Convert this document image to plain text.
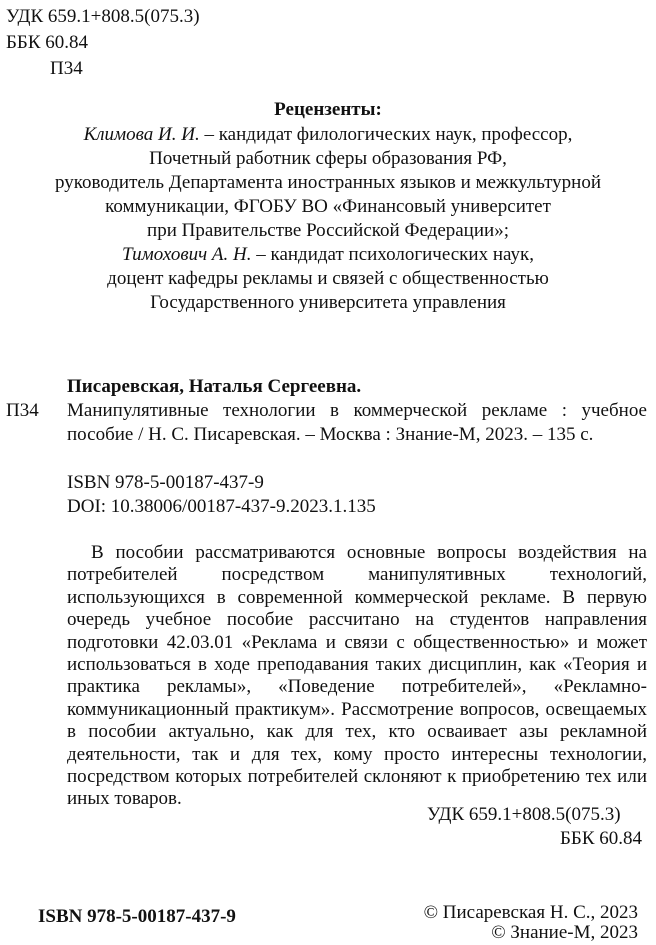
УДК 659.1+808.5(075.3)
ББК 60.84
П34
Рецензенты:
Климова И. И. – кандидат филологических наук, профессор,
Почетный работник сферы образования РФ,
руководитель Департамента иностранных языков и межкультурной
коммуникации, ФГОБУ ВО «Финансовый университет
при Правительстве Российской Федерации»;
Тимохович А. Н. – кандидат психологических наук,
доцент кафедры рекламы и связей с общественностью
Государственного университета управления
Писаревская, Наталья Сергеевна.
П34 Манипулятивные технологии в коммерческой рекламе : учебное
пособие / Н. С. Писаревская. – Москва : Знание-М, 2023. – 135 с.
ISBN 978-5-00187-437-9
DOI: 10.38006/00187-437-9.2023.1.135
В пособии рассматриваются основные вопросы воздействия на потребителей посредством манипулятивных технологий, использующихся в современной коммерческой рекламе. В первую очередь учебное пособие рассчитано на студентов направления подготовки 42.03.01 «Реклама и связи с общественностью» и может использоваться в ходе преподавания таких дисциплин, как «Теория и практика рекламы», «Поведение потребителей», «Рекламно-коммуникационный практикум». Рассмотрение вопросов, освещаемых в пособии актуально, как для тех, кто осваивает азы рекламной деятельности, так и для тех, кому просто интересны технологии, посредством которых потребителей склоняют к приобретению тех или иных товаров.
УДК 659.1+808.5(075.3)
ББК 60.84
ISBN 978-5-00187-437-9	© Писаревская Н. С., 2023
© Знание-М, 2023
